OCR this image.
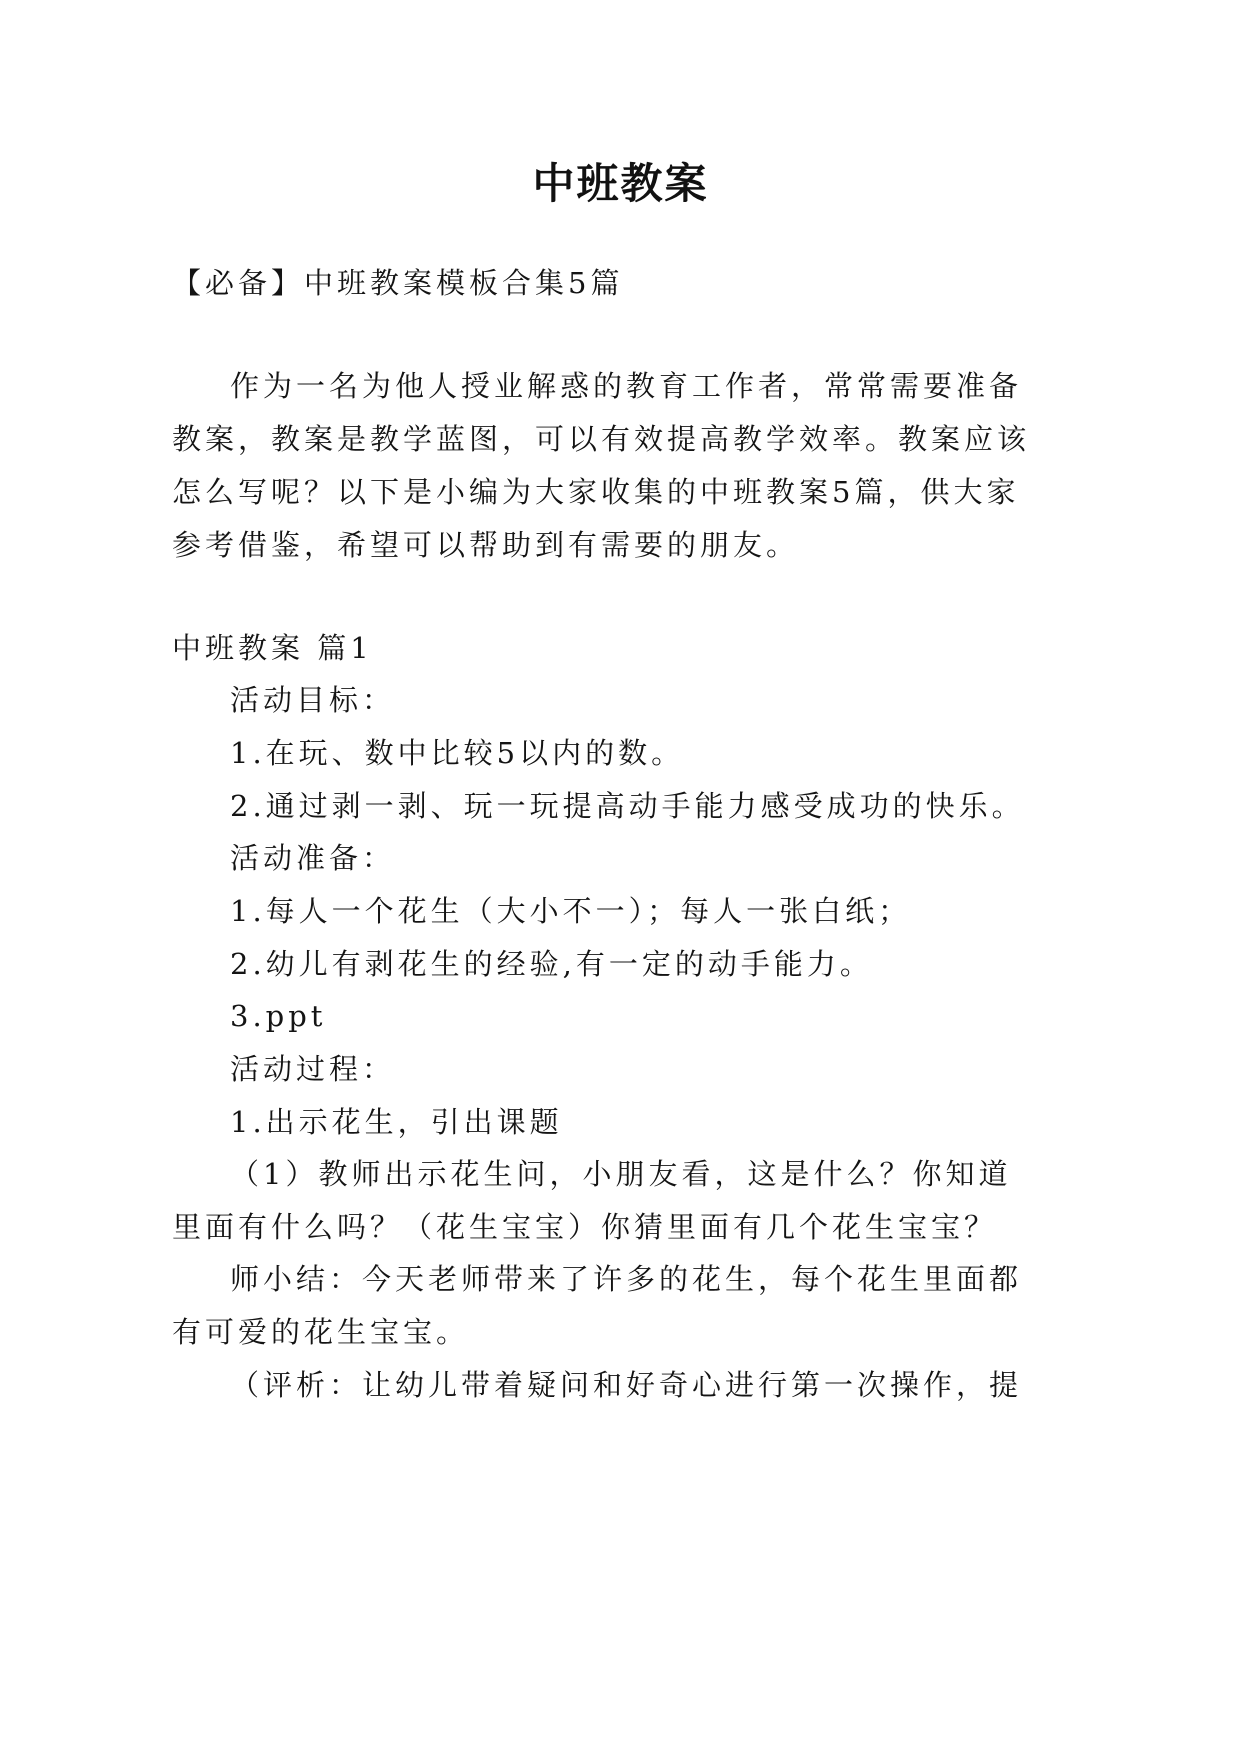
中班教案

【必备】中班教案模板合集5篇

作为一名为他人授业解惑的教育工作者，常常需要准备

教案，教案是教学蓝图，可以有效提高教学效率。教案应该

怎么写呢？以下是小编为大家收集的中班教案5篇，供大家

参考借鉴，希望可以帮助到有需要的朋友。

中班教案 篇1

活动目标：

1.在玩、数中比较5以内的数。

2.通过剥一剥、玩一玩提高动手能力感受成功的快乐。

活动准备：

1.每人一个花生（大小不一）；每人一张白纸；

2.幼儿有剥花生的经验,有一定的动手能力。

3.ppt

活动过程：

1.出示花生，引出课题

（1）教师出示花生问，小朋友看，这是什么？你知道

里面有什么吗？（花生宝宝）你猜里面有几个花生宝宝？

师小结：今天老师带来了许多的花生，每个花生里面都

有可爱的花生宝宝。

（评析：让幼儿带着疑问和好奇心进行第一次操作，提
